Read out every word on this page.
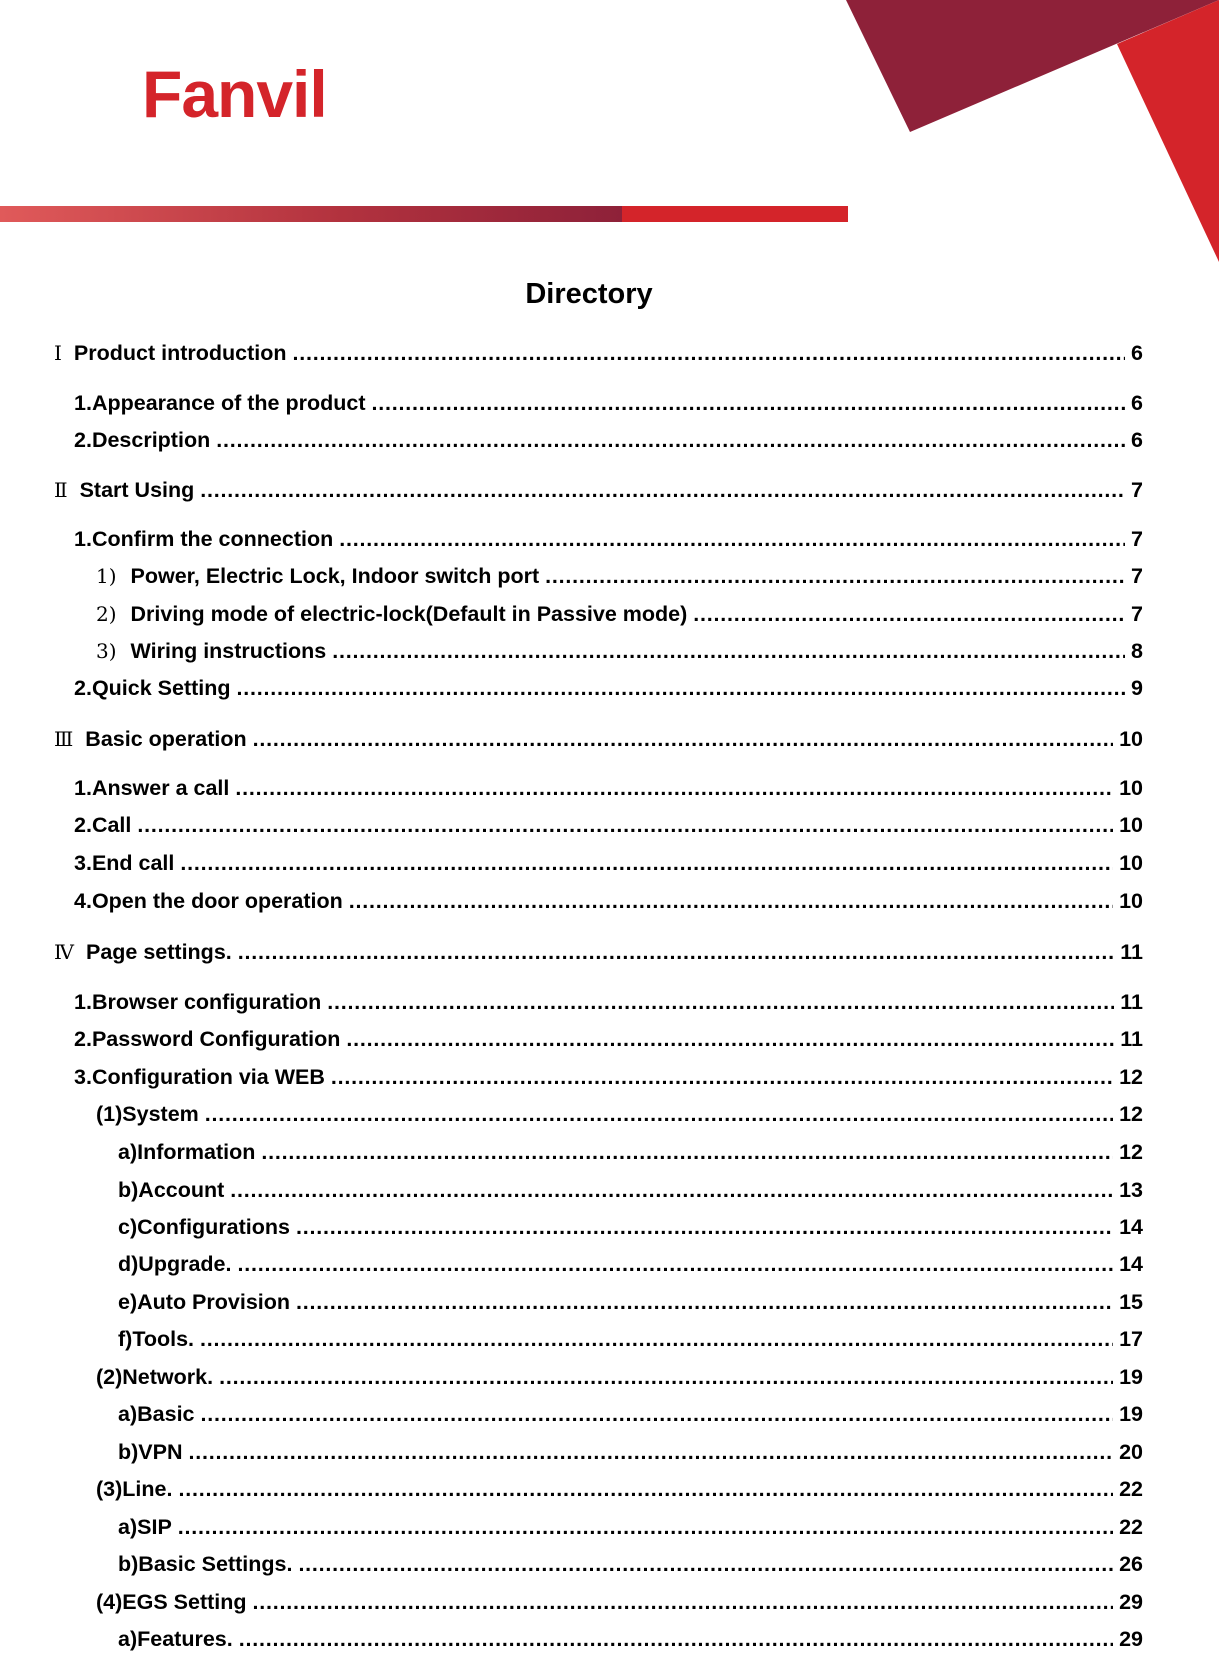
Fanvil
Directory
Ⅰ Product introduction . . .	6
1. Appearance of the product . . .	6
2. Description . . .	6
Ⅱ Start Using . . .	7
1. Confirm the connection . . .	7
1) Power, Electric Lock, Indoor switch port . . .	7
2) Driving mode of electric-lock(Default in Passive mode) . . .	7
3) Wiring instructions . . .	8
2. Quick Setting . . .	9
Ⅲ Basic operation . . .	10
1. Answer a call . . .	10
2. Call . . .	10
3. End call . . .	10
4. Open the door operation . . .	10
Ⅳ Page settings. . . .	11
1. Browser configuration . . .	11
2. Password Configuration . . .	11
3. Configuration via WEB . . .	12
(1) System . . .	12
a) Information . . .	12
b) Account . . .	13
c) Configurations . . .	14
d) Upgrade. . . .	14
e) Auto Provision . . .	15
f) Tools. . . .	17
(2) Network. . . .	19
a) Basic . . .	19
b) VPN . . .	20
(3) Line. . . .	22
a) SIP . . .	22
b) Basic Settings. . . .	26
(4) EGS Setting . . .	29
a) Features. . . .	29
